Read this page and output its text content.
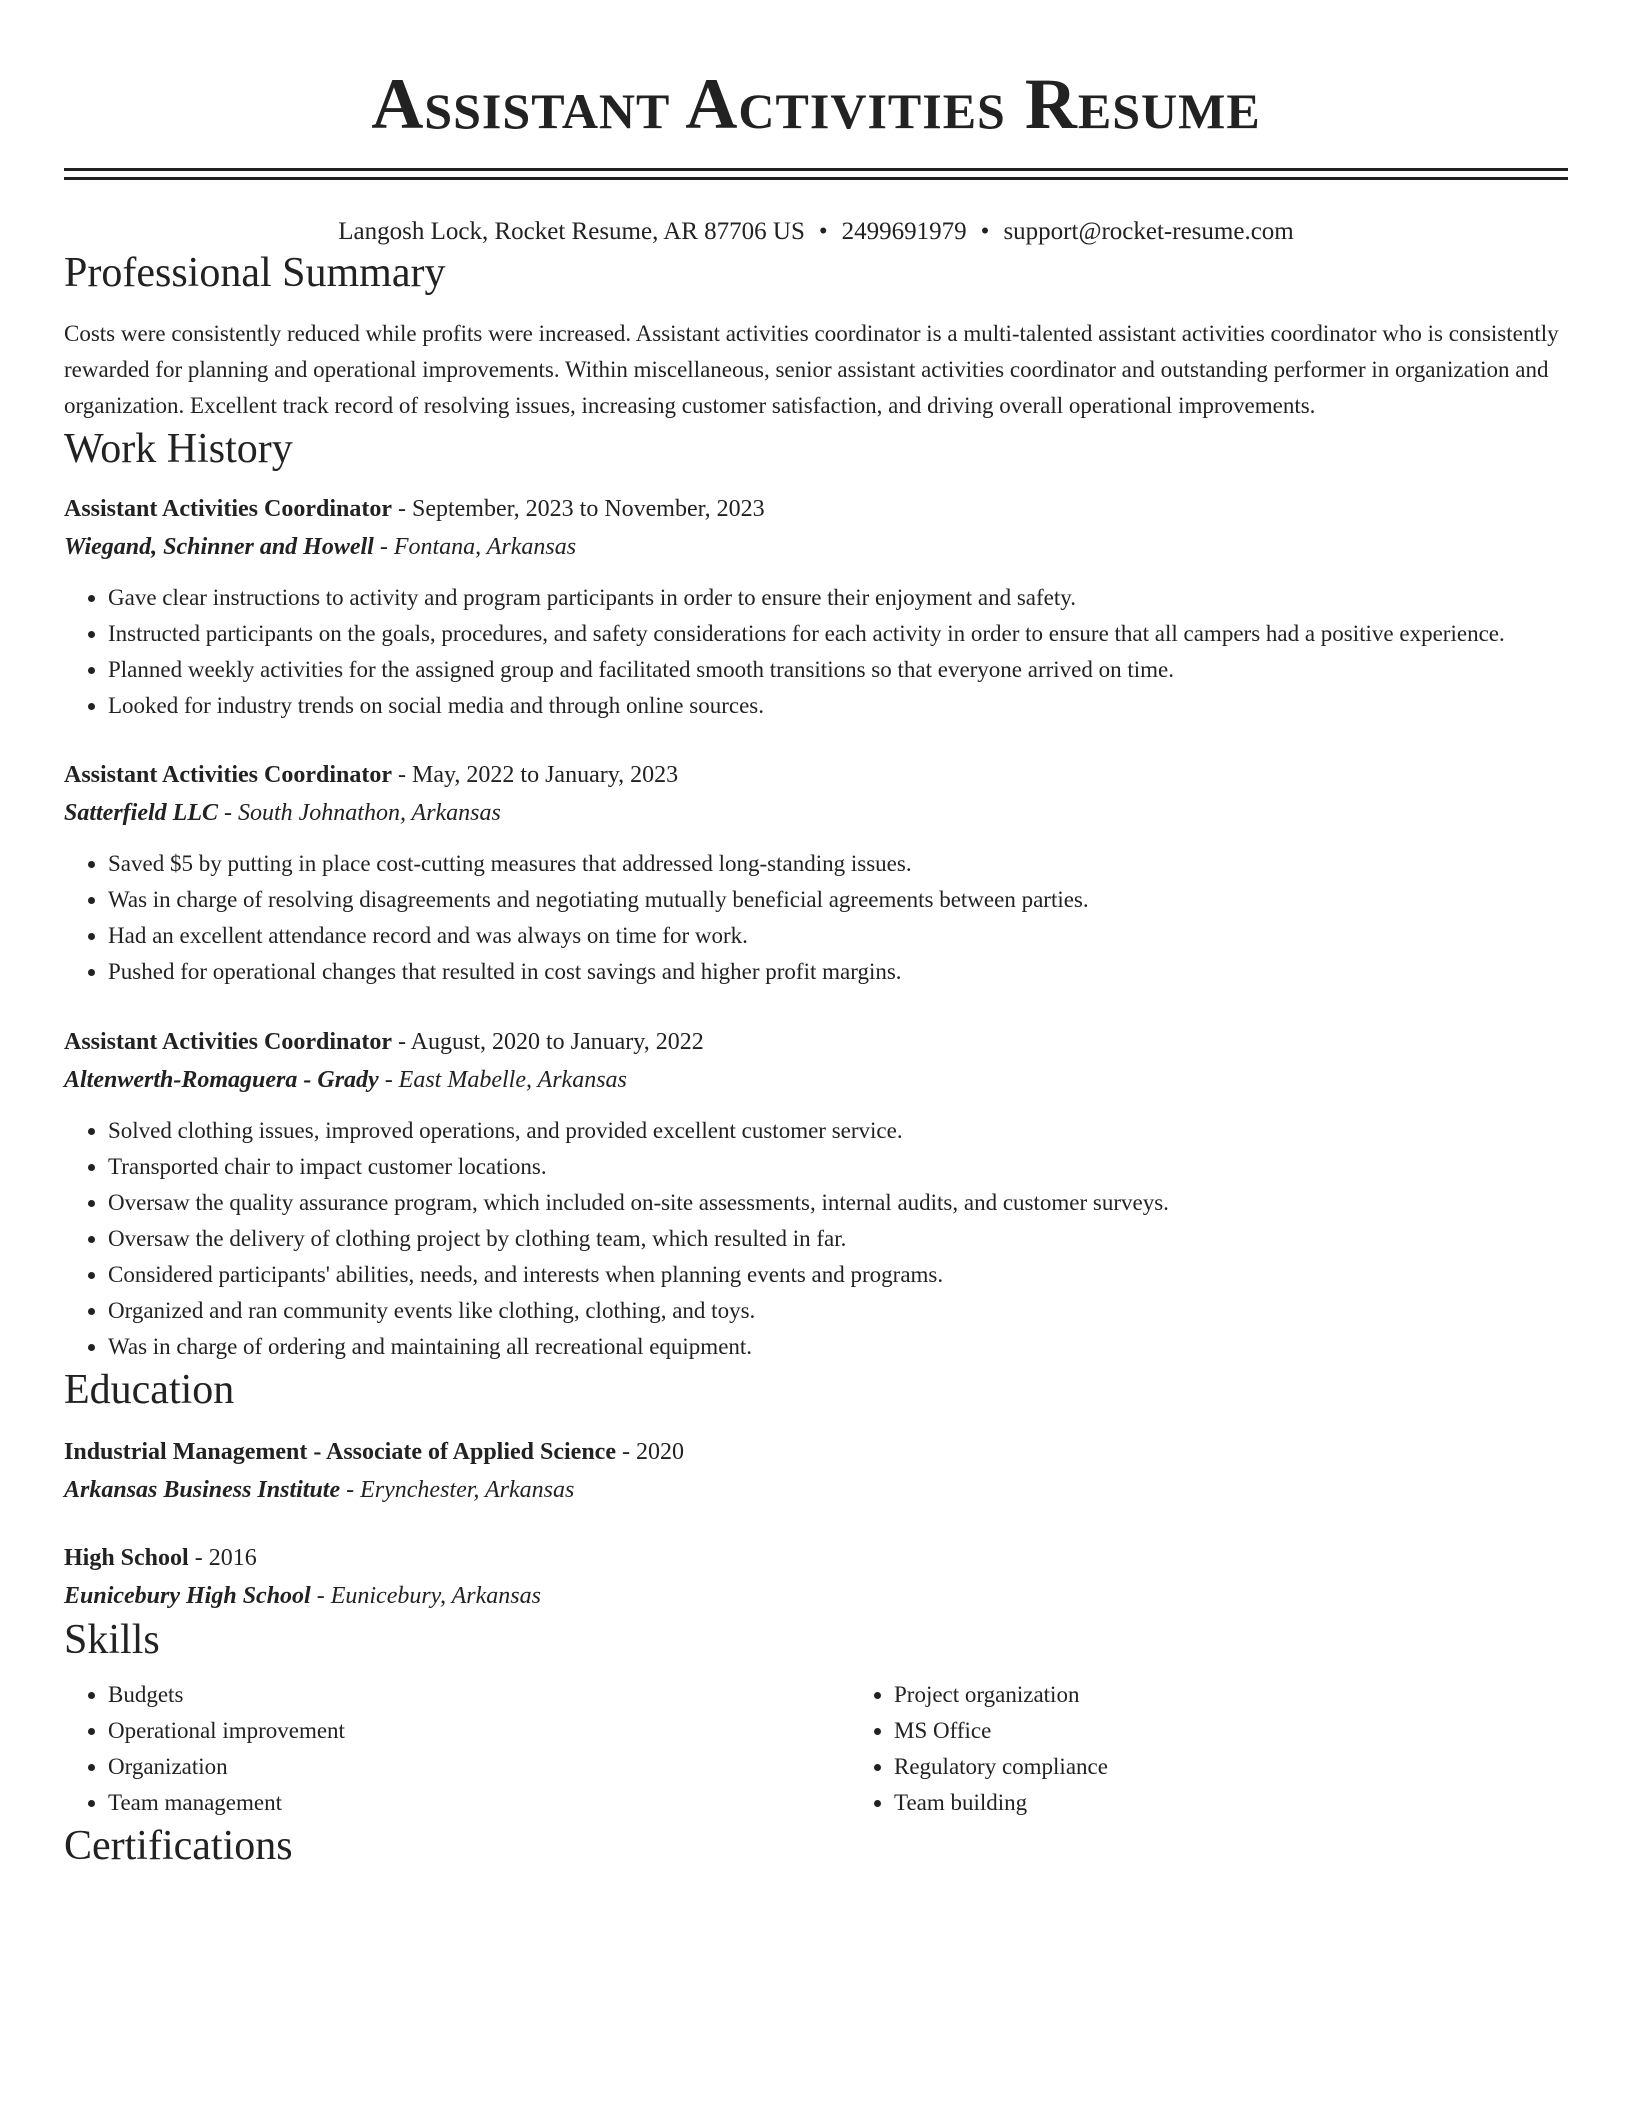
Assistant Activities Resume
Langosh Lock, Rocket Resume, AR 87706 US • 2499691979 • support@rocket-resume.com
Professional Summary

Costs were consistently reduced while profits were increased. Assistant activities coordinator is a multi-talented assistant activities coordinator who is consistently rewarded for planning and operational improvements. Within miscellaneous, senior assistant activities coordinator and outstanding performer in organization and organization. Excellent track record of resolving issues, increasing customer satisfaction, and driving overall operational improvements.

Work History
Assistant Activities Coordinator - September, 2023 to November, 2023
Wiegand, Schinner and Howell - Fontana, Arkansas
• Gave clear instructions to activity and program participants in order to ensure their enjoyment and safety.
• Instructed participants on the goals, procedures, and safety considerations for each activity in order to ensure that all campers had a positive experience.
• Planned weekly activities for the assigned group and facilitated smooth transitions so that everyone arrived on time.
• Looked for industry trends on social media and through online sources.
Assistant Activities Coordinator - May, 2022 to January, 2023
Satterfield LLC - South Johnathon, Arkansas
• Saved $5 by putting in place cost-cutting measures that addressed long-standing issues.
• Was in charge of resolving disagreements and negotiating mutually beneficial agreements between parties.
• Had an excellent attendance record and was always on time for work.
• Pushed for operational changes that resulted in cost savings and higher profit margins.
Assistant Activities Coordinator - August, 2020 to January, 2022
Altenwerth-Romaguera - Grady - East Mabelle, Arkansas
• Solved clothing issues, improved operations, and provided excellent customer service.
• Transported chair to impact customer locations.
• Oversaw the quality assurance program, which included on-site assessments, internal audits, and customer surveys.
• Oversaw the delivery of clothing project by clothing team, which resulted in far.
• Considered participants' abilities, needs, and interests when planning events and programs.
• Organized and ran community events like clothing, clothing, and toys.
• Was in charge of ordering and maintaining all recreational equipment.
Education
Industrial Management - Associate of Applied Science - 2020
Arkansas Business Institute - Erynchester, Arkansas
High School - 2016
Eunicebury High School - Eunicebury, Arkansas
Skills
• Budgets
• Operational improvement
• Organization
• Team management
• Project organization
• MS Office
• Regulatory compliance
• Team building
Certifications
